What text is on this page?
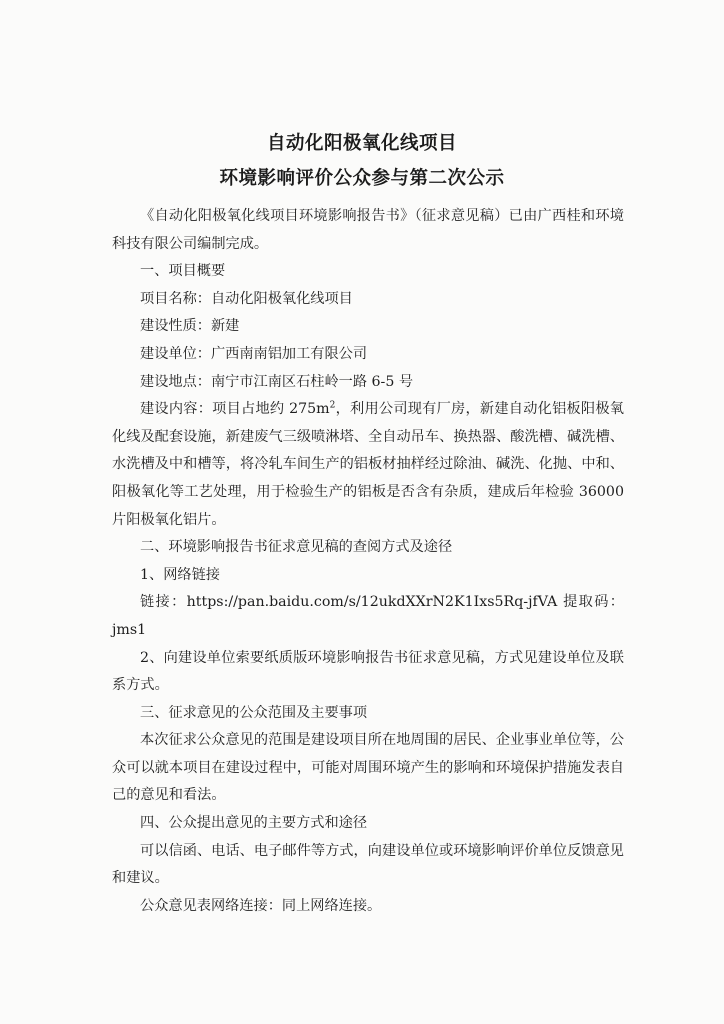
自动化阳极氧化线项目
环境影响评价公众参与第二次公示

《自动化阳极氧化线项目环境影响报告书》（征求意见稿）已由广西桂和环境科技有限公司编制完成。

一、项目概要

项目名称：自动化阳极氧化线项目

建设性质：新建

建设单位：广西南南铝加工有限公司

建设地点：南宁市江南区石柱岭一路 6-5 号

建设内容：项目占地约 $275m^2$，利用公司现有厂房，新建自动化铝板阳极氧化线及配套设施，新建废气三级喷淋塔、全自动吊车、换热器、酸洗槽、碱洗槽、水洗槽及中和槽等，将冷轧车间生产的铝板材抽样经过除油、碱洗、化抛、中和、阳极氧化等工艺处理，用于检验生产的铝板是否含有杂质，建成后年检验 36000 片阳极氧化铝片。

二、环境影响报告书征求意见稿的查阅方式及途径

1、网络链接

链接：https://pan.baidu.com/s/12ukdXXrN2K1Ixs5Rq-jfVA 提取码：jms1

2、向建设单位索要纸质版环境影响报告书征求意见稿，方式见建设单位及联系方式。

三、征求意见的公众范围及主要事项

本次征求公众意见的范围是建设项目所在地周围的居民、企业事业单位等，公众可以就本项目在建设过程中，可能对周围环境产生的影响和环境保护措施发表自己的意见和看法。

四、公众提出意见的主要方式和途径

可以信函、电话、电子邮件等方式，向建设单位或环境影响评价单位反馈意见和建议。

公众意见表网络连接：同上网络连接。
